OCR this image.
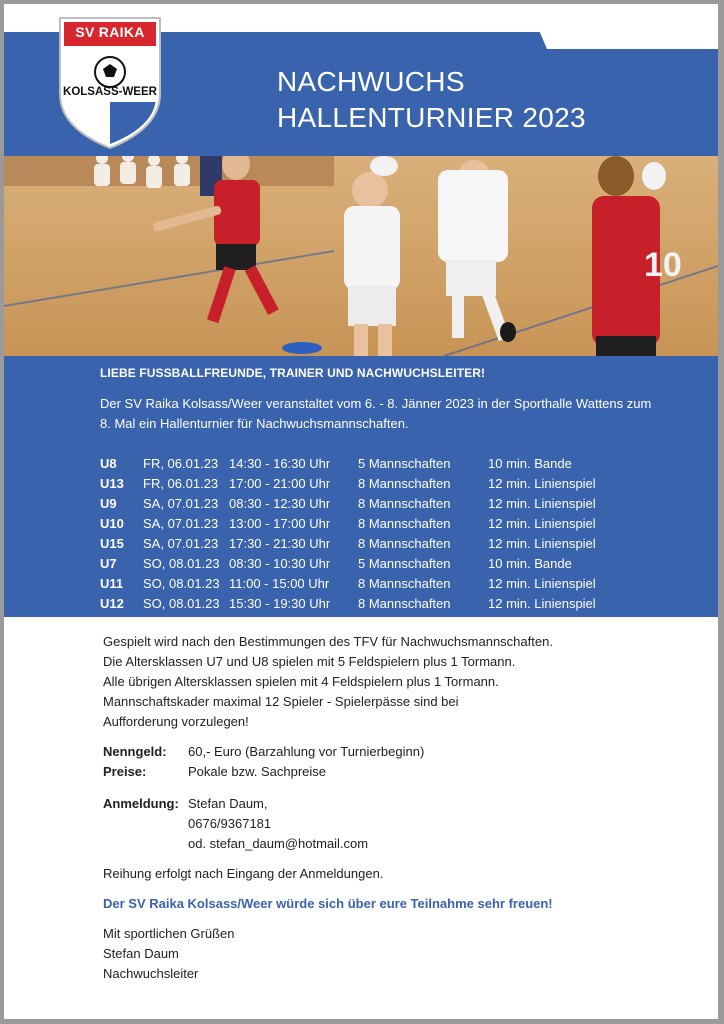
NACHWUCHS
HALLENTURNIER 2023
10
SV RAIKA
KOLSASS-WEER
LIEBE FUSSBALLFREUNDE, TRAINER UND NACHWUCHSLEITER!
Der SV Raika Kolsass/Weer veranstaltet vom 6. - 8. Jänner 2023 in der Sporthalle Wattens zum
8. Mal ein Hallenturnier für Nachwuchsmannschaften.
U8 FR, 06.01.23 14:30 - 16:30 Uhr 5 Mannschaften	10 min. Bande
U13 FR, 06.01.23 17:00 - 21:00 Uhr 8 Mannschaften	12 min. Linienspiel
U9 SA, 07.01.23 08:30 - 12:30 Uhr 8 Mannschaften	12 min. Linienspiel
U10 SA, 07.01.23 13:00 - 17:00 Uhr 8 Mannschaften	12 min. Linienspiel
U15 SA, 07.01.23 17:30 - 21:30 Uhr 8 Mannschaften	12 min. Linienspiel
U7 SO, 08.01.23 08:30 - 10:30 Uhr 5 Mannschaften	10 min. Bande
U11 SO, 08.01.23 11:00 - 15:00 Uhr 8 Mannschaften	12 min. Linienspiel
U12 SO, 08.01.23 15:30 - 19:30 Uhr 8 Mannschaften	12 min. Linienspiel
Gespielt wird nach den Bestimmungen des TFV für Nachwuchsmannschaften.
Die Altersklassen U7 und U8 spielen mit 5 Feldspielern plus 1 Tormann.
Alle übrigen Altersklassen spielen mit 4 Feldspielern plus 1 Tormann.
Mannschaftskader maximal 12 Spieler - Spielerpässe sind bei
Aufforderung vorzulegen!
Nenngeld: 60,- Euro (Barzahlung vor Turnierbeginn)
Preise:	Pokale bzw. Sachpreise
Anmeldung: Stefan Daum,
0676/9367181
od. stefan_daum@hotmail.com
Reihung erfolgt nach Eingang der Anmeldungen.
Der SV Raika Kolsass/Weer würde sich über eure Teilnahme sehr freuen!
Mit sportlichen Grüßen
Stefan Daum
Nachwuchsleiter
